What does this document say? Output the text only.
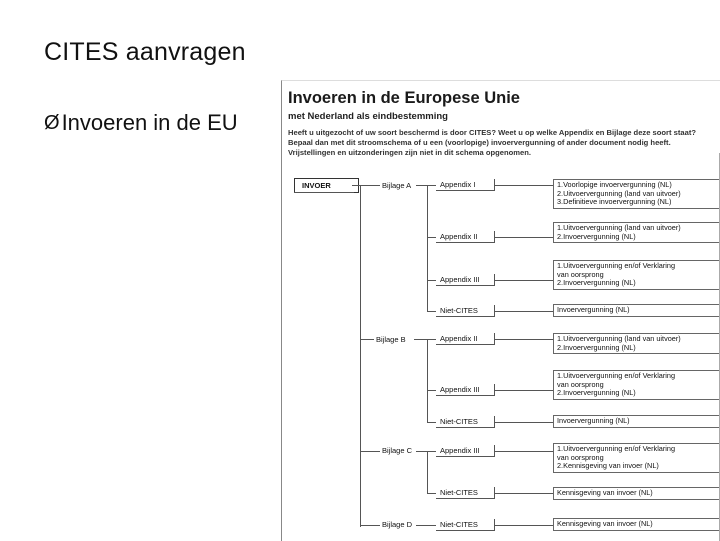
CITES aanvragen
Ø Invoeren in de EU
Invoeren in de Europese Unie
met Nederland als eindbestemming
Heeft u uitgezocht of uw soort beschermd is door CITES? Weet u op welke Appendix en Bijlage deze soort staat? Bepaal dan met dit stroomschema of u een (voorlopige) invoervergunning of ander document nodig heeft. Vrijstellingen en uitzonderingen zijn niet in dit schema opgenomen.
INVOER	Bijlage A
Bijlage B
Bijlage C
Bijlage D
Appendix I
Appendix II
Appendix III
Niet-CITES
Appendix II
Appendix III
Niet-CITES
Appendix III
Niet-CITES
Niet-CITES
1.Voorlopige invoervergunning (NL)
2.Uitvoervergunning (land van uitvoer)
3.Definitieve invoervergunning (NL)
1.Uitvoervergunning (land van uitvoer)
2.Invoervergunning (NL)
1.Uitvoervergunning en/of Verklaring
van oorsprong
2.Invoervergunning (NL)
Invoervergunning (NL)
1.Uitvoervergunning (land van uitvoer)
2.Invoervergunning (NL)
1.Uitvoervergunning en/of Verklaring
van oorsprong
2.Invoervergunning (NL)
Invoervergunning (NL)
1.Uitvoervergunning en/of Verklaring
van oorsprong
2.Kennisgeving van invoer (NL)
Kennisgeving van invoer (NL)
Kennisgeving van invoer (NL)
